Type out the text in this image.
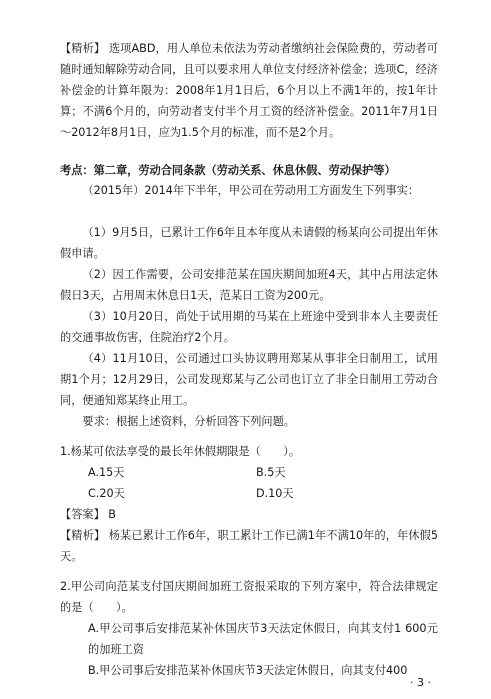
【精析】 选项ABD，用人单位未依法为劳动者缴纳社会保险费的，劳动者可随时通知解除劳动合同，且可以要求用人单位支付经济补偿金；选项C，经济补偿金的计算年限为：2008年1月1日后，6个月以上不满1年的，按1年计算；不满6个月的，向劳动者支付半个月工资的经济补偿金。2011年7月1日～2012年8月1日，应为1.5个月的标准，而不是2个月。
考点：第二章，劳动合同条款（劳动关系、休息休假、劳动保护等）
（2015年）2014年下半年，甲公司在劳动用工方面发生下列事实：
（1）9月5日，已累计工作6年且本年度从未请假的杨某向公司提出年休假申请。
（2）因工作需要，公司安排范某在国庆期间加班4天，其中占用法定休假日3天，占用周末休息日1天，范某日工资为200元。
（3）10月20日，尚处于试用期的马某在上班途中受到非本人主要责任的交通事故伤害，住院治疗2个月。
（4）11月10日，公司通过口头协议聘用郑某从事非全日制用工，试用期1个月；12月29日，公司发现郑某与乙公司也订立了非全日制用工劳动合同，便通知郑某终止用工。
要求：根据上述资料，分析回答下列问题。
1.杨某可依法享受的最长年休假期限是（　　）。
A.15天	B.5天
C.20天	D.10天
【答案】 B
【精析】 杨某已累计工作6年，职工累计工作已满1年不满10年的，年休假5天。
2.甲公司向范某支付国庆期间加班工资报采取的下列方案中，符合法律规定的是（　　）。
A.甲公司事后安排范某补休国庆节3天法定休假日，向其支付1 600元的加班工资
B.甲公司事后安排范某补休国庆节3天法定休假日，向其支付400
· 3 ·
